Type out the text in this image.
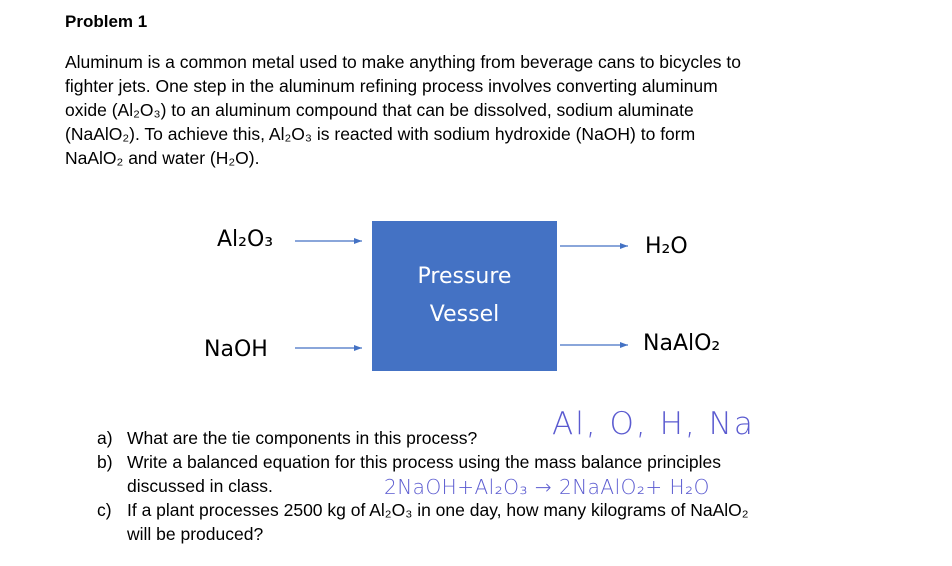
Problem 1
Aluminum is a common metal used to make anything from beverage cans to bicycles to
fighter jets. One step in the aluminum refining process involves converting aluminum
oxide (Al₂O₃) to an aluminum compound that can be dissolved, sodium aluminate
(NaAlO₂). To achieve this, Al₂O₃ is reacted with sodium hydroxide (NaOH) to form
NaAlO₂ and water (H₂O).
Al₂O₃
NaOH
Pressure
Vessel
H₂O
NaAlO₂
a) What are the tie components in this process?
b) Write a balanced equation for this process using the mass balance principles
discussed in class.
c) If a plant processes 2500 kg of Al₂O₃ in one day, how many kilograms of NaAlO₂
will be produced?
Al, O, H, Na
2NaOH+Al₂O₃ → 2NaAlO₂+ H₂O
